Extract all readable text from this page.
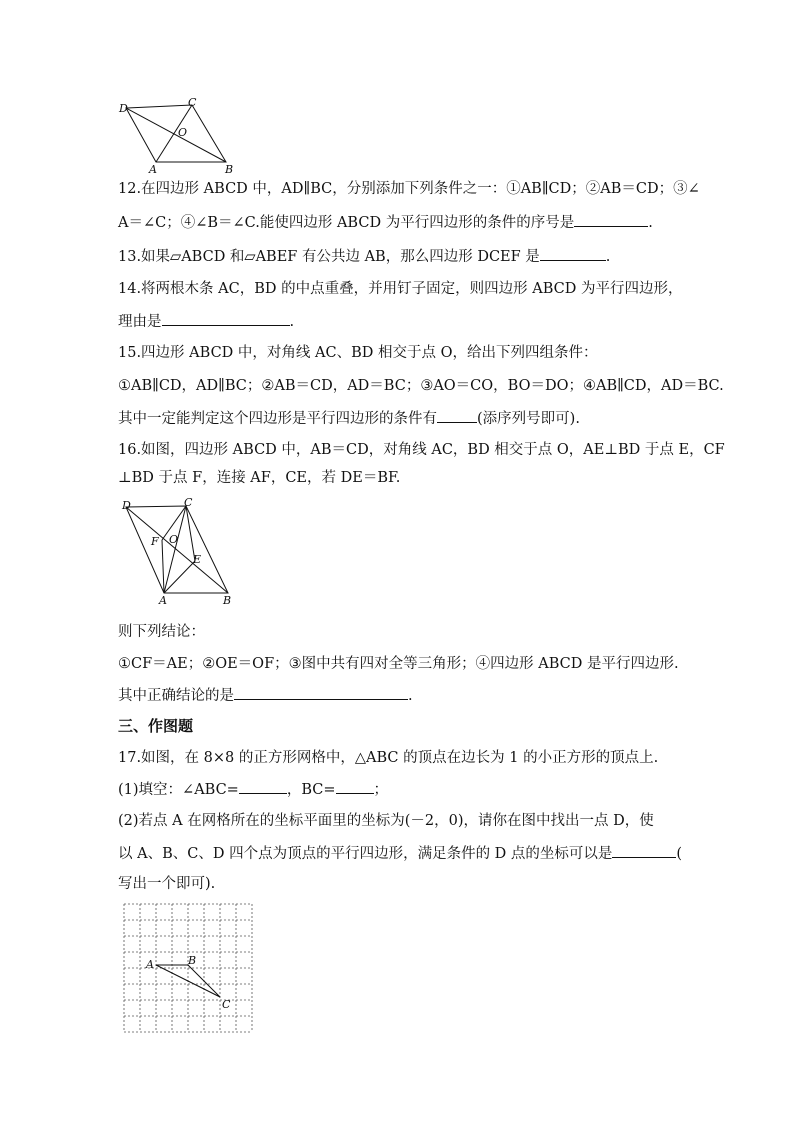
D	C
O
A	B
12.在四边形 ABCD 中，AD∥BC，分别添加下列条件之一：①AB∥CD；②AB＝CD；③∠
A＝∠C；④∠B＝∠C.能使四边形 ABCD 为平行四边形的条件的序号是	.
13.如果▱ABCD 和▱ABEF 有公共边 AB，那么四边形 DCEF 是	.
14.将两根木条 AC，BD 的中点重叠，并用钉子固定，则四边形 ABCD 为平行四边形，
理由是	.
15.四边形 ABCD 中，对角线 AC、BD 相交于点 O，给出下列四组条件：
①AB∥CD，AD∥BC；②AB＝CD，AD＝BC；③AO＝CO，BO＝DO；④AB∥CD，AD＝BC.
其中一定能判定这个四边形是平行四边形的条件有	(添序列号即可).
16.如图，四边形 ABCD 中，AB＝CD，对角线 AC，BD 相交于点 O，AE⊥BD 于点 E，CF
⊥BD 于点 F，连接 AF，CE，若 DE＝BF.
D	C
F O
E
A	B
则下列结论：
①CF＝AE；②OE＝OF；③图中共有四对全等三角形；④四边形 ABCD 是平行四边形.
其中正确结论的是	.
三、作图题
17.如图，在 8×8 的正方形网格中，△ABC 的顶点在边长为 1 的小正方形的顶点上.
(1)填空：∠ABC=	，BC=	；
(2)若点 A 在网格所在的坐标平面里的坐标为(－2，0)，请你在图中找出一点 D，使
以 A、B、C、D 四个点为顶点的平行四边形，满足条件的 D 点的坐标可以是	(
写出一个即可).
A	B
C
